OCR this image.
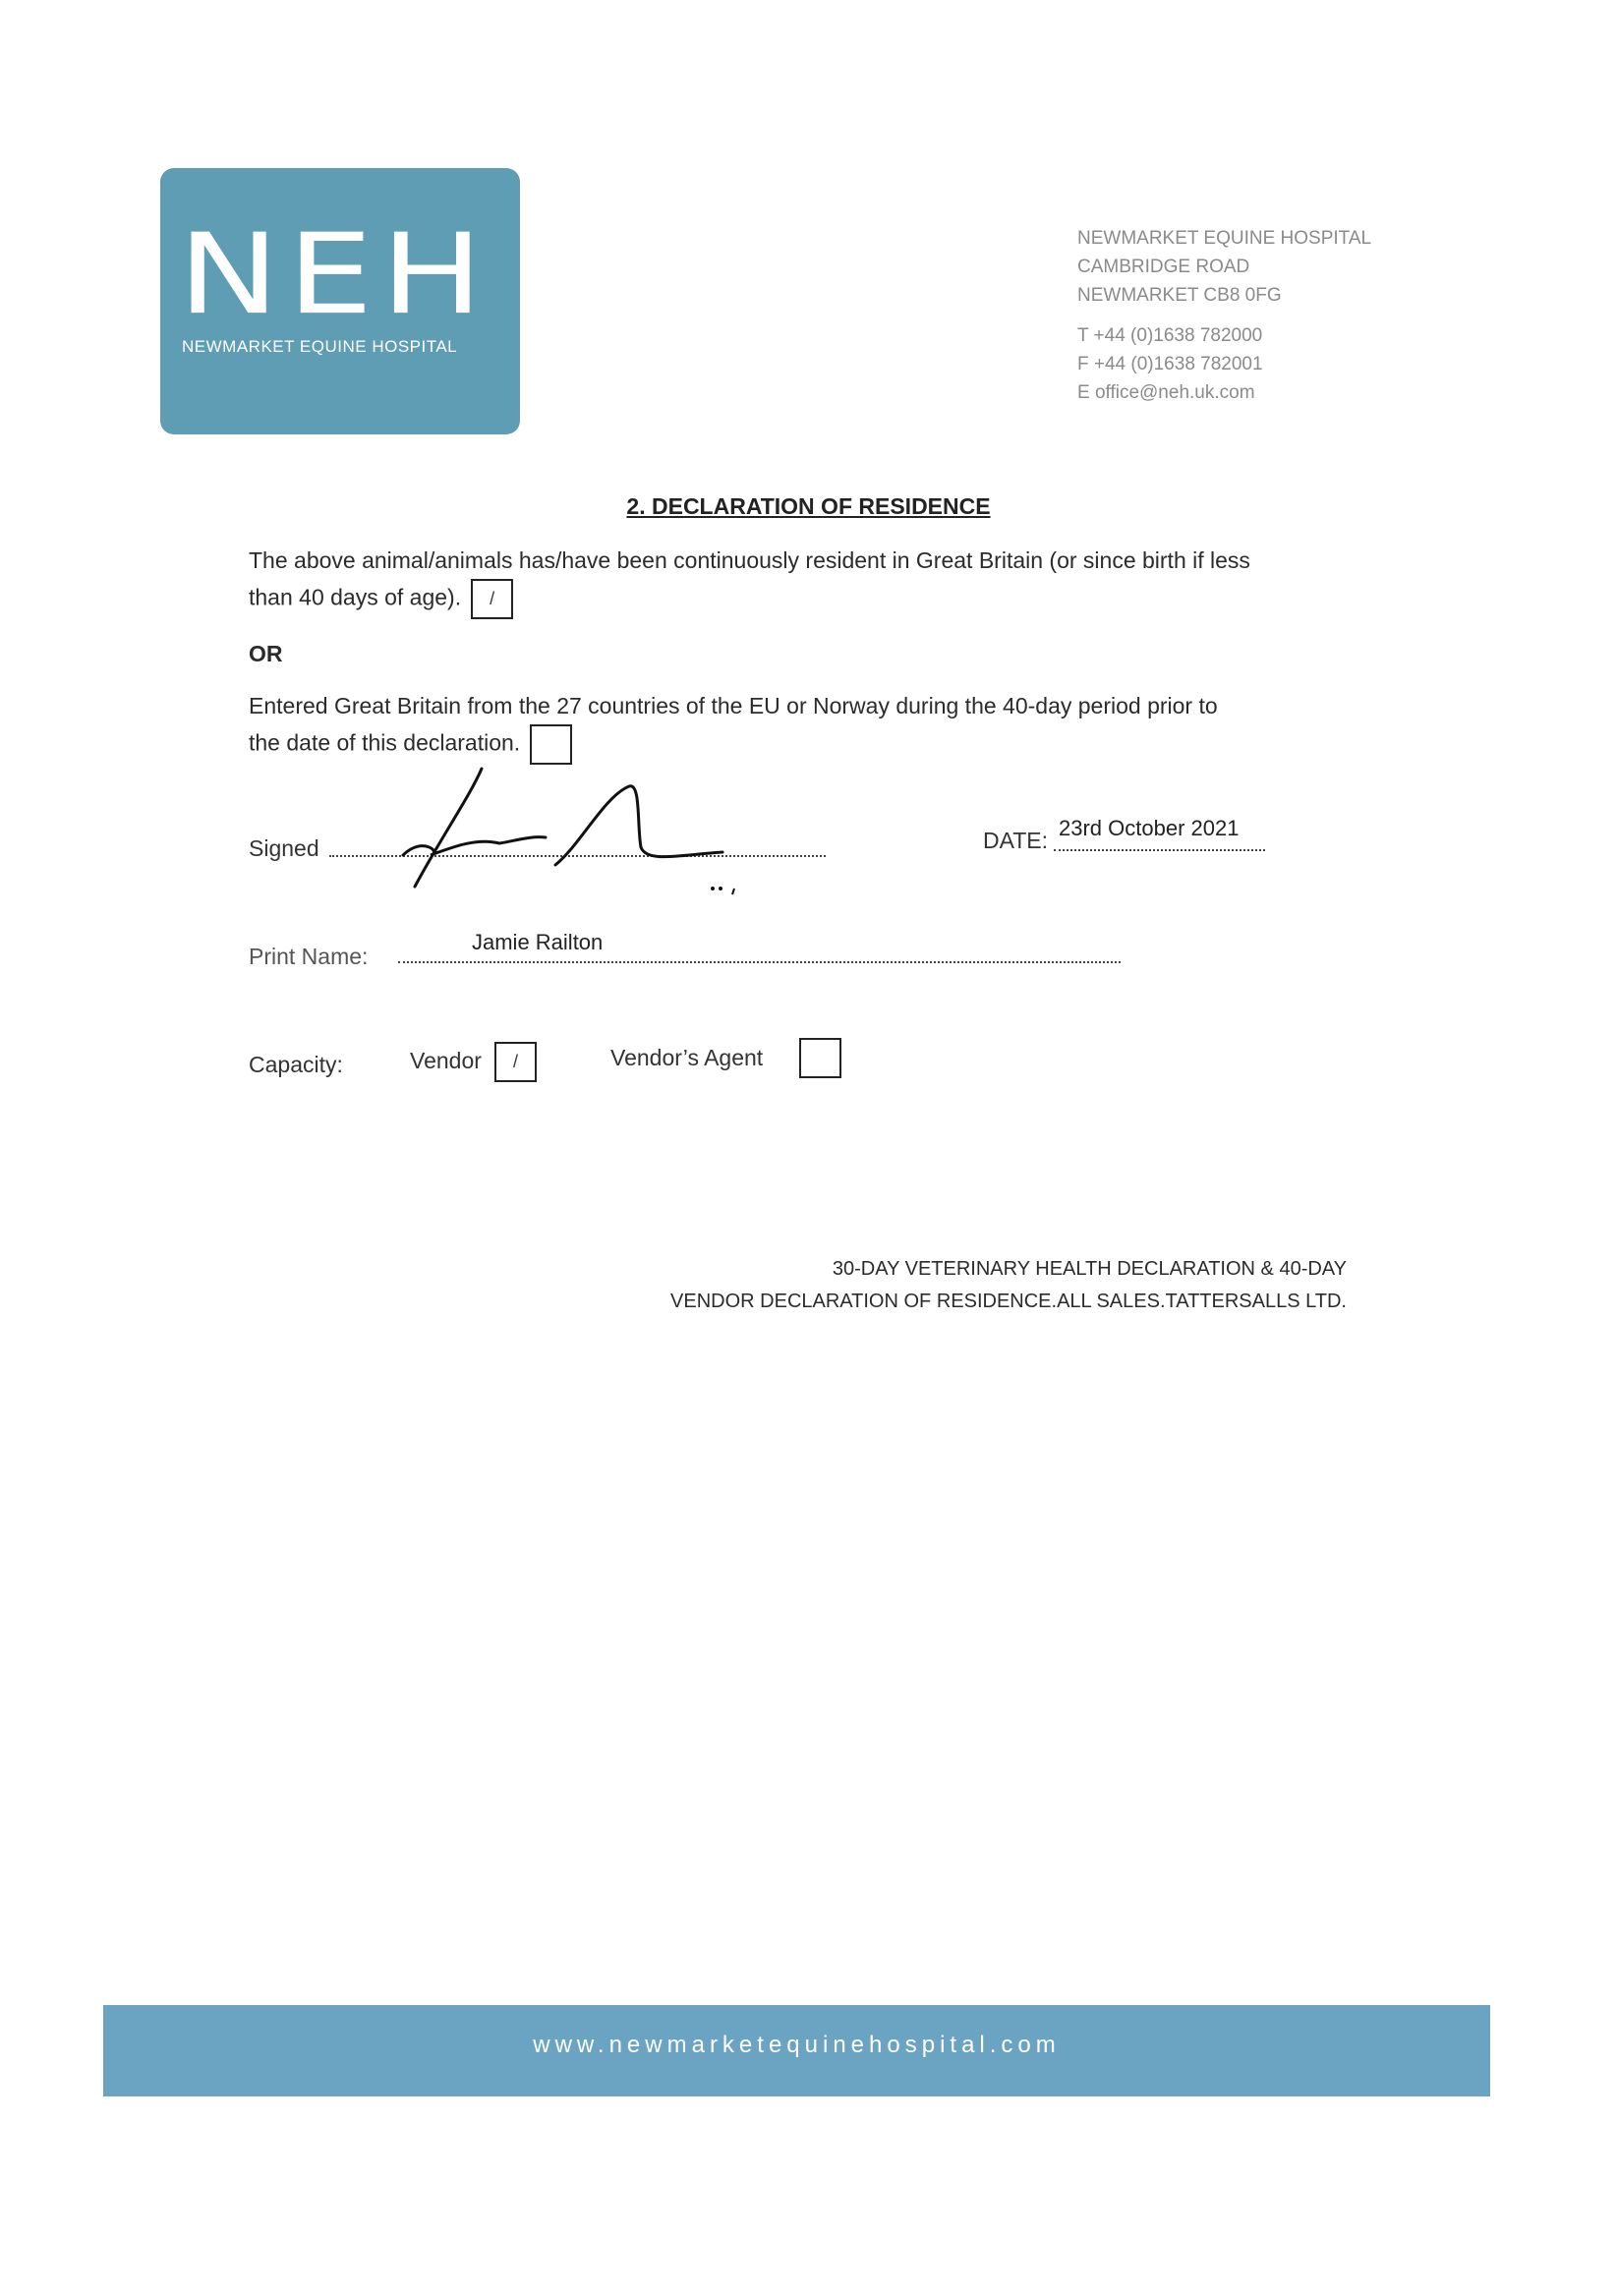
NEH
NEWMARKET EQUINE HOSPITAL
NEWMARKET EQUINE HOSPITAL
CAMBRIDGE ROAD
NEWMARKET CB8 0FG
T +44 (0)1638 782000
F +44 (0)1638 782001
E office@neh.uk.com
2. DECLARATION OF RESIDENCE
The above animal/animals has/have been continuously resident in Great Britain (or since birth if less
than 40 days of age). /
OR
Entered Great Britain from the 27 countries of the EU or Norway during the 40-day period prior to
the date of this declaration.
Signed	DATE: 23rd October 2021
Print Name:
Jamie Railton
Capacity:	Vendor	/	Vendor’s Agent
30-DAY VETERINARY HEALTH DECLARATION & 40-DAY
VENDOR DECLARATION OF RESIDENCE.ALL SALES.TATTERSALLS LTD.
www.newmarketequinehospital.com
